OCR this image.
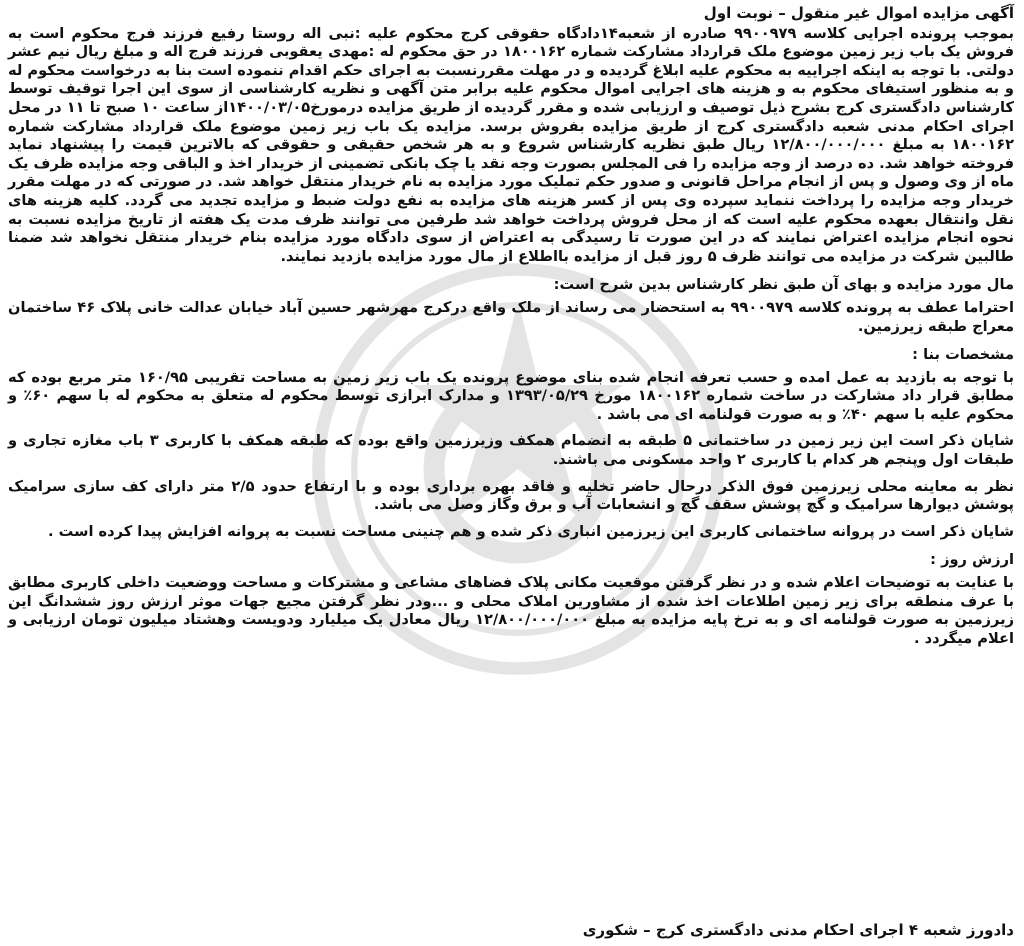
آگهی مزایده اموال غیر منقول – نوبت اول

بموجب پرونده اجرایی کلاسه ۹۹۰۰۹۷۹ صادره از شعبه۱۴دادگاه حقوقی کرج محکوم علیه :نبی اله روستا رفیع فرزند فرج محکوم است به فروش یک باب زیر زمین موضوع ملک قرارداد مشارکت شماره ۱۸۰۰۱۶۲ در حق محکوم له :مهدی یعقوبی فرزند فرج اله و مبلغ ریال نیم عشر دولتی. با توجه به اینکه اجراییه به محکوم علیه ابلاغ گردیده و در مهلت مقررنسبت به اجرای حکم اقدام ننموده است بنا به درخواست محکوم له و به منظور استیفای محکوم به و هزینه های اجرایی اموال محکوم علیه برابر متن آگهی و نظریه کارشناسی از سوی این اجرا توقیف توسط کارشناس دادگستری کرج بشرح ذیل توصیف و ارزیابی شده و مقرر گردیده از طریق مزایده درمورخ۱۴۰۰/۰۳/۰۵از ساعت ۱۰ صبح تا ۱۱ در محل اجرای احکام مدنی شعبه دادگستری کرج از طریق مزایده بفروش برسد. مزایده یک باب زیر زمین موضوع ملک قرارداد مشارکت شماره ۱۸۰۰۱۶۲ به مبلغ ۱۲/۸۰۰/۰۰۰/۰۰۰ ریال طبق نظریه کارشناس شروع و به هر شخص حقیقی و حقوقی که بالاترین قیمت را پیشنهاد نماید فروخته خواهد شد. ده درصد از وجه مزایده را فی المجلس بصورت وجه نقد یا چک بانکی تضمینی از خریدار اخذ و الباقی وجه مزایده ظرف یک ماه از وی وصول و پس از انجام مراحل قانونی و صدور حکم تملیک مورد مزایده به نام خریدار منتقل خواهد شد. در صورتی که در مهلت مقرر خریدار وجه مزایده را پرداخت ننماید سپرده وی پس از کسر هزینه های مزایده به نفع دولت ضبط و مزایده تجدید می گردد. کلیه هزینه های نقل وانتقال بعهده محکوم علیه است که از محل فروش پرداخت خواهد شد طرفین می توانند ظرف مدت یک هفته از تاریخ مزایده نسبت به نحوه انجام مزایده اعتراض نمایند که در این صورت تا رسیدگی به اعتراض از سوی دادگاه مورد مزایده بنام خریدار منتقل نخواهد شد ضمنا طالبین شرکت در مزایده می توانند ظرف ۵ روز قبل از مزایده بااطلاع از مال مورد مزایده بازدید نمایند.

مال مورد مزایده و بهای آن طبق نظر کارشناس بدین شرح است:

احتراما عطف به پرونده کلاسه ۹۹۰۰۹۷۹ به استحضار می رساند از ملک واقع درکرج مهرشهر حسین آباد خیابان عدالت خانی پلاک ۴۶ ساختمان معراج طبقه زیرزمین.

مشخصات بنا :

با توجه به بازدید به عمل امده و حسب تعرفه انجام شده بنای موضوع پرونده یک باب زیر زمین به مساحت تقریبی ۱۶۰/۹۵ متر مربع بوده که مطابق قرار داد مشارکت در ساخت شماره ۱۸۰۰۱۶۲ مورخ ۱۳۹۳/۰۵/۲۹ و مدارک ابرازی توسط محکوم له متعلق به محکوم له با سهم ۶۰٪ و محکوم علیه با سهم ۴۰٪ و به صورت قولنامه ای می باشد .

شایان ذکر است این زیر زمین در ساختمانی ۵ طبقه به انضمام همکف وزیرزمین واقع بوده که طبقه همکف با کاربری ۳ باب مغازه تجاری و طبقات اول وپنجم هر کدام با کاربری ۲ واحد مسکونی می باشند.

نظر به معاینه محلی زیرزمین فوق الذکر درحال حاضر تخلیه و فاقد بهره برداری بوده و با ارتفاع حدود ۲/۵ متر دارای کف سازی سرامیک پوشش دیوارها سرامیک و گچ پوشش سقف گچ و انشعابات آب و برق وگاز وصل می باشد.

شایان ذکر است در پروانه ساختمانی کاربری این زیرزمین انباری ذکر شده و هم چنینی مساحت نسبت به پروانه افزایش پیدا کرده است .

ارزش روز :

با عنایت به توضیحات اعلام شده و در نظر گرفتن موقعیت مکانی پلاک فضاهای مشاعی و مشترکات و مساحت ووضعیت داخلی کاربری مطابق با عرف منطقه برای زیر زمین اطلاعات اخذ شده از مشاورین املاک محلی و ...ودر نظر گرفتن مجیع جهات موثر ارزش روز ششدانگ این زیرزمین به صورت قولنامه ای و به نرخ پایه مزایده به مبلغ ۱۲/۸۰۰/۰۰۰/۰۰۰ ریال معادل یک میلیارد ودویست وهشتاد میلیون تومان ارزیابی و اعلام میگردد .

دادورز شعبه ۴ اجرای احکام مدنی دادگستری کرج – شکوری
